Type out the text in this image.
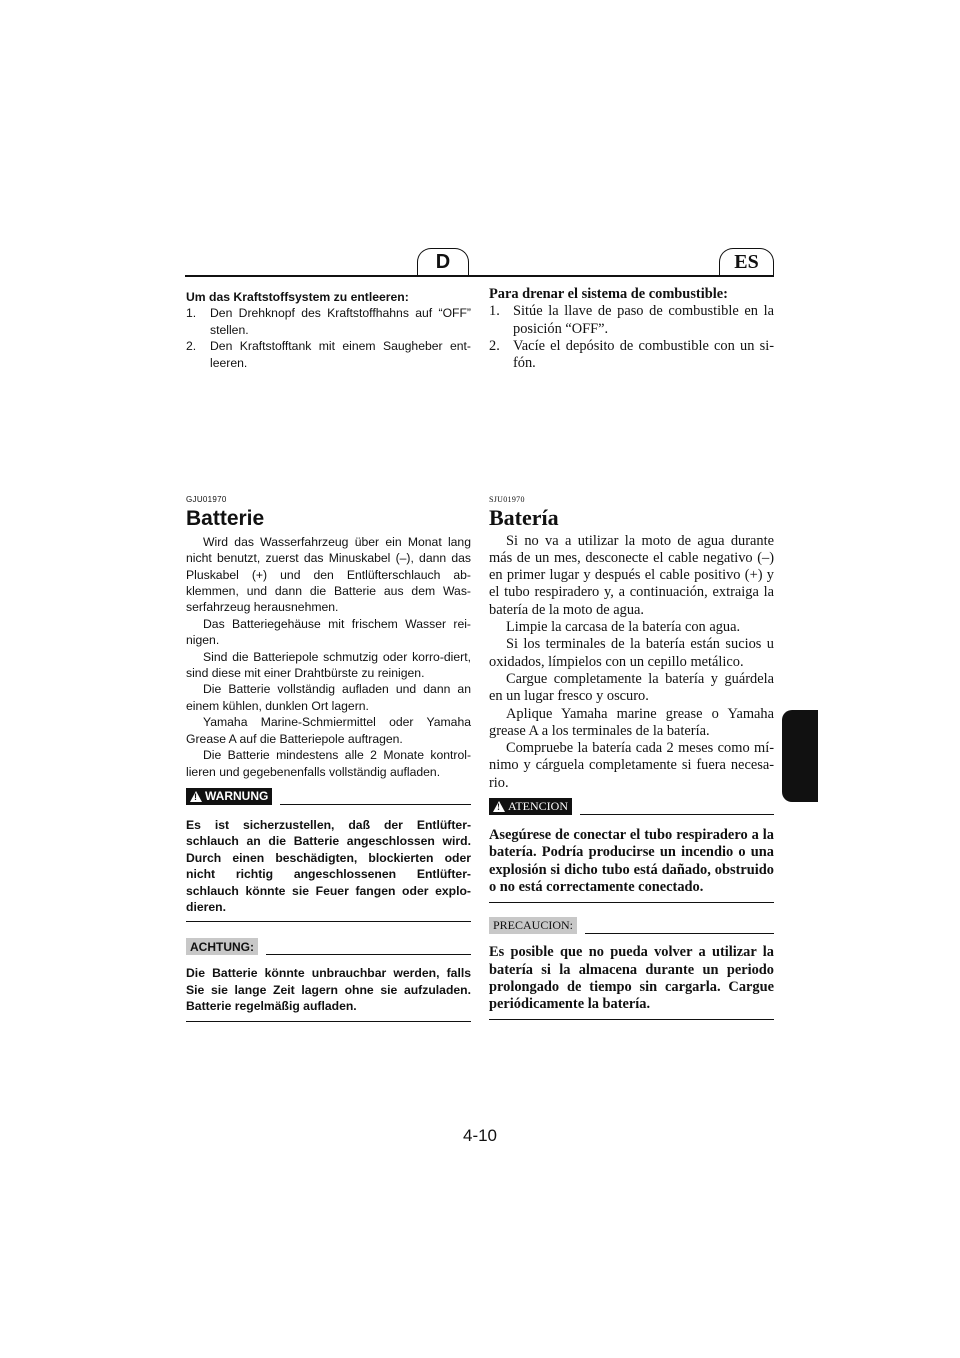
D	ES
Um das Kraftstoffsystem zu entleeren:
1. Den Drehknopf des Kraftstoffhahns auf “OFF” stellen.
2. Den Kraftstofftank mit einem Saugheber ent-leeren.
Para drenar el sistema de combustible:
1. Sitúe la llave de paso de combustible en la posición “OFF”.
2. Vacíe el depósito de combustible con un si-fón.
GJU01970
Batterie

Wird das Wasserfahrzeug über ein Monat lang nicht benutzt, zuerst das Minuskabel (–), dann das Pluskabel (+) und den Entlüfterschlauch ab-klemmen, und dann die Batterie aus dem Was-serfahrzeug herausnehmen.

Das Batteriegehäuse mit frischem Wasser rei-nigen.

Sind die Batteriepole schmutzig oder korro-diert, sind diese mit einer Drahtbürste zu reinigen.

Die Batterie vollständig aufladen und dann an einem kühlen, dunklen Ort lagern.

Yamaha Marine-Schmiermittel oder Yamaha Grease A auf die Batteriepole auftragen.

Die Batterie mindestens alle 2 Monate kontrol-lieren und gegebenenfalls vollständig aufladen.

! WARNUNG
Es ist sicherzustellen, daß der Entlüfter-schlauch an die Batterie angeschlossen wird. Durch einen beschädigten, blockierten oder nicht richtig angeschlossenen Entlüfter-schlauch könnte sie Feuer fangen oder explo-dieren.
ACHTUNG:
Die Batterie könnte unbrauchbar werden, falls Sie sie lange Zeit lagern ohne sie aufzuladen. Batterie regelmäßig aufladen.
SJU01970
Batería

Si no va a utilizar la moto de agua durante más de un mes, desconecte el cable negativo (–) en primer lugar y después el cable positivo (+) y el tubo respiradero y, a continuación, extraiga la batería de la moto de agua.

Limpie la carcasa de la batería con agua.

Si los terminales de la batería están sucios u oxidados, límpielos con un cepillo metálico.

Cargue completamente la batería y guárdela en un lugar fresco y oscuro.

Aplique Yamaha marine grease o Yamaha grease A a los terminales de la batería.

Compruebe la batería cada 2 meses como mí-nimo y cárguela completamente si fuera necesa-rio.

! ATENCION
Asegúrese de conectar el tubo respiradero a la batería. Podría producirse un incendio o una explosión si dicho tubo está dañado, obstruido o no está correctamente conectado.
PRECAUCION:
Es posible que no pueda volver a utilizar la batería si la almacena durante un periodo prolongado de tiempo sin cargarla. Cargue periódicamente la batería.
4-10
